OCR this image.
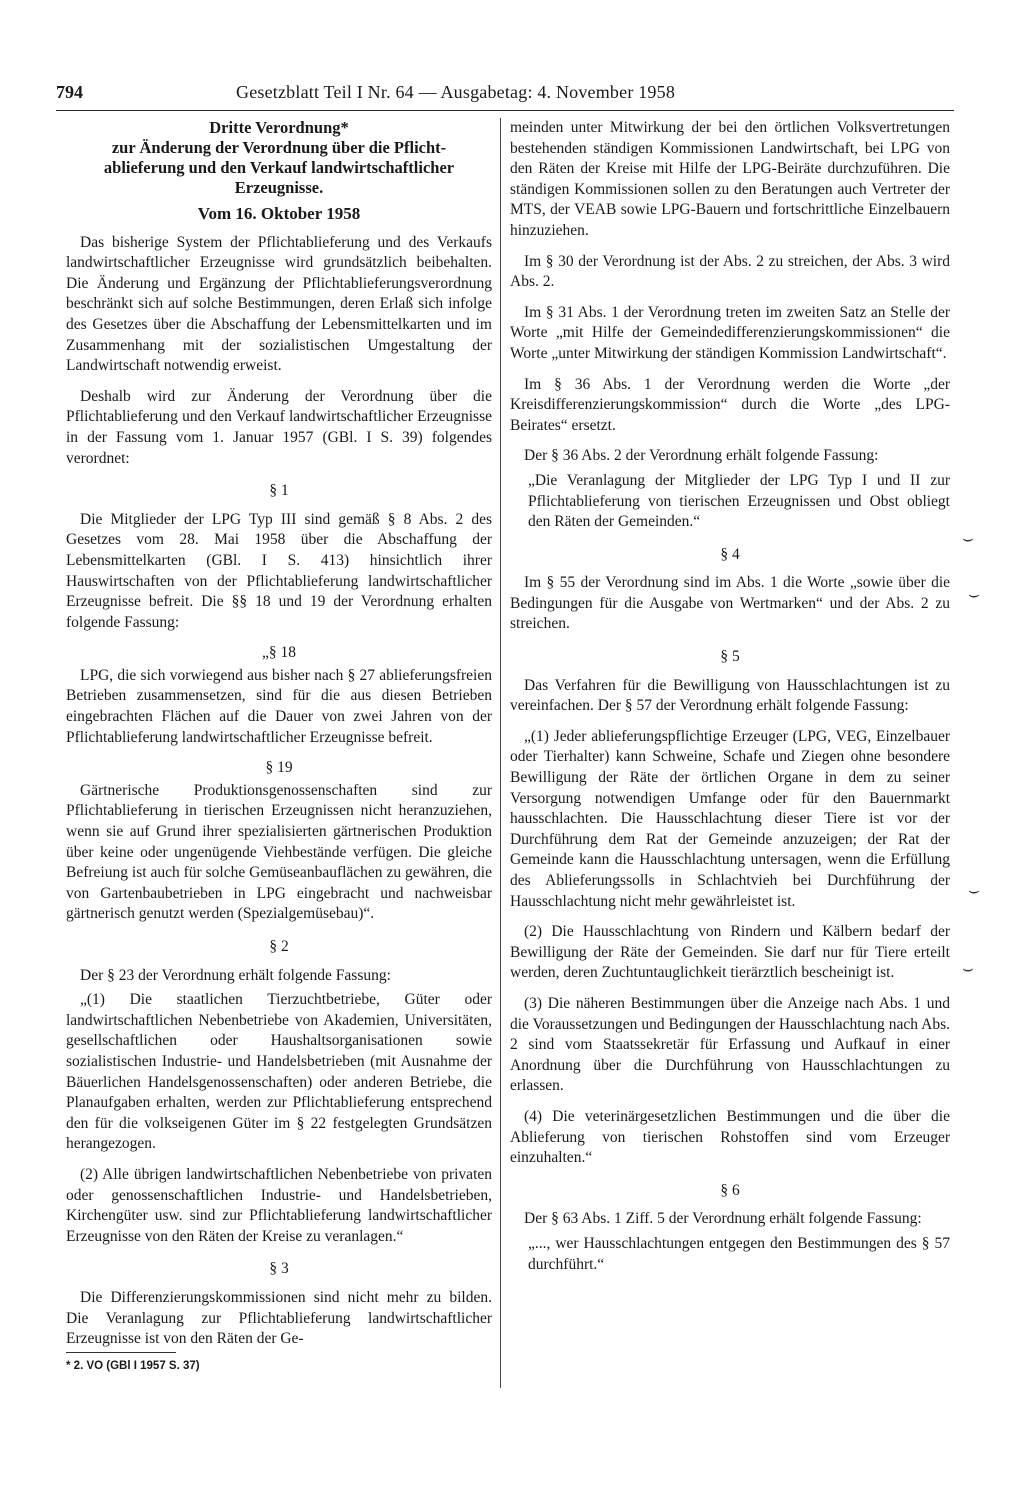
794	Gesetzblatt Teil I Nr. 64 — Ausgabetag: 4. November 1958
Dritte Verordnung*
zur Änderung der Verordnung über die Pflicht-
ablieferung und den Verkauf landwirtschaftlicher
Erzeugnisse.
Vom 16. Oktober 1958

Das bisherige System der Pflichtablieferung und des Verkaufs landwirtschaftlicher Erzeugnisse wird grundsätzlich beibehalten. Die Änderung und Ergänzung der Pflichtablieferungsverordnung beschränkt sich auf solche Bestimmungen, deren Erlaß sich infolge des Gesetzes über die Abschaffung der Lebensmittelkarten und im Zusammenhang mit der sozialistischen Umgestaltung der Landwirtschaft notwendig erweist.

Deshalb wird zur Änderung der Verordnung über die Pflichtablieferung und den Verkauf landwirtschaftlicher Erzeugnisse in der Fassung vom 1. Januar 1957 (GBl. I S. 39) folgendes verordnet:

§ 1

Die Mitglieder der LPG Typ III sind gemäß § 8 Abs. 2 des Gesetzes vom 28. Mai 1958 über die Abschaffung der Lebensmittelkarten (GBl. I S. 413) hinsichtlich ihrer Hauswirtschaften von der Pflichtablieferung landwirtschaftlicher Erzeugnisse befreit. Die §§ 18 und 19 der Verordnung erhalten folgende Fassung:

„§ 18

LPG, die sich vorwiegend aus bisher nach § 27 ablieferungsfreien Betrieben zusammensetzen, sind für die aus diesen Betrieben eingebrachten Flächen auf die Dauer von zwei Jahren von der Pflichtablieferung landwirtschaftlicher Erzeugnisse befreit.

§ 19

Gärtnerische Produktionsgenossenschaften sind zur Pflichtablieferung in tierischen Erzeugnissen nicht heranzuziehen, wenn sie auf Grund ihrer spezialisierten gärtnerischen Produktion über keine oder ungenügende Viehbestände verfügen. Die gleiche Befreiung ist auch für solche Gemüseanbauflächen zu gewähren, die von Gartenbaubetrieben in LPG eingebracht und nachweisbar gärtnerisch genutzt werden (Spezialgemüsebau)“.

§ 2

Der § 23 der Verordnung erhält folgende Fassung:

„(1) Die staatlichen Tierzuchtbetriebe, Güter oder landwirtschaftlichen Nebenbetriebe von Akademien, Universitäten, gesellschaftlichen oder Haushaltsorganisationen sowie sozialistischen Industrie- und Handelsbetrieben (mit Ausnahme der Bäuerlichen Handelsgenossenschaften) oder anderen Betriebe, die Planaufgaben erhalten, werden zur Pflichtablieferung entsprechend den für die volkseigenen Güter im § 22 festgelegten Grundsätzen herangezogen.

(2) Alle übrigen landwirtschaftlichen Nebenbetriebe von privaten oder genossenschaftlichen Industrie- und Handelsbetrieben, Kirchengüter usw. sind zur Pflichtablieferung landwirtschaftlicher Erzeugnisse von den Räten der Kreise zu veranlagen.“

§ 3

Die Differenzierungskommissionen sind nicht mehr zu bilden. Die Veranlagung zur Pflichtablieferung landwirtschaftlicher Erzeugnisse ist von den Räten der Ge-

* 2. VO (GBl I 1957 S. 37)

meinden unter Mitwirkung der bei den örtlichen Volksvertretungen bestehenden ständigen Kommissionen Landwirtschaft, bei LPG von den Räten der Kreise mit Hilfe der LPG-Beiräte durchzuführen. Die ständigen Kommissionen sollen zu den Beratungen auch Vertreter der MTS, der VEAB sowie LPG-Bauern und fortschrittliche Einzelbauern hinzuziehen.

Im § 30 der Verordnung ist der Abs. 2 zu streichen, der Abs. 3 wird Abs. 2.

Im § 31 Abs. 1 der Verordnung treten im zweiten Satz an Stelle der Worte „mit Hilfe der Gemeindedifferenzierungskommissionen“ die Worte „unter Mitwirkung der ständigen Kommission Landwirtschaft“.

Im § 36 Abs. 1 der Verordnung werden die Worte „der Kreisdifferenzierungskommission“ durch die Worte „des LPG-Beirates“ ersetzt.

Der § 36 Abs. 2 der Verordnung erhält folgende Fassung:

„Die Veranlagung der Mitglieder der LPG Typ I und II zur Pflichtablieferung von tierischen Erzeugnissen und Obst obliegt den Räten der Gemeinden.“

§ 4

Im § 55 der Verordnung sind im Abs. 1 die Worte „sowie über die Bedingungen für die Ausgabe von Wertmarken“ und der Abs. 2 zu streichen.

§ 5

Das Verfahren für die Bewilligung von Hausschlachtungen ist zu vereinfachen. Der § 57 der Verordnung erhält folgende Fassung:

„(1) Jeder ablieferungspflichtige Erzeuger (LPG, VEG, Einzelbauer oder Tierhalter) kann Schweine, Schafe und Ziegen ohne besondere Bewilligung der Räte der örtlichen Organe in dem zu seiner Versorgung notwendigen Umfange oder für den Bauernmarkt hausschlachten. Die Hausschlachtung dieser Tiere ist vor der Durchführung dem Rat der Gemeinde anzuzeigen; der Rat der Gemeinde kann die Hausschlachtung untersagen, wenn die Erfüllung des Ablieferungssolls in Schlachtvieh bei Durchführung der Hausschlachtung nicht mehr gewährleistet ist.

(2) Die Hausschlachtung von Rindern und Kälbern bedarf der Bewilligung der Räte der Gemeinden. Sie darf nur für Tiere erteilt werden, deren Zuchtuntauglichkeit tierärztlich bescheinigt ist.

(3) Die näheren Bestimmungen über die Anzeige nach Abs. 1 und die Voraussetzungen und Bedingungen der Hausschlachtung nach Abs. 2 sind vom Staatssekretär für Erfassung und Aufkauf in einer Anordnung über die Durchführung von Hausschlachtungen zu erlassen.

(4) Die veterinärgesetzlichen Bestimmungen und die über die Ablieferung von tierischen Rohstoffen sind vom Erzeuger einzuhalten.“

§ 6

Der § 63 Abs. 1 Ziff. 5 der Verordnung erhält folgende Fassung:

„..., wer Hausschlachtungen entgegen den Bestimmungen des § 57 durchführt.“

⌣
⌣
⌣
⌣
